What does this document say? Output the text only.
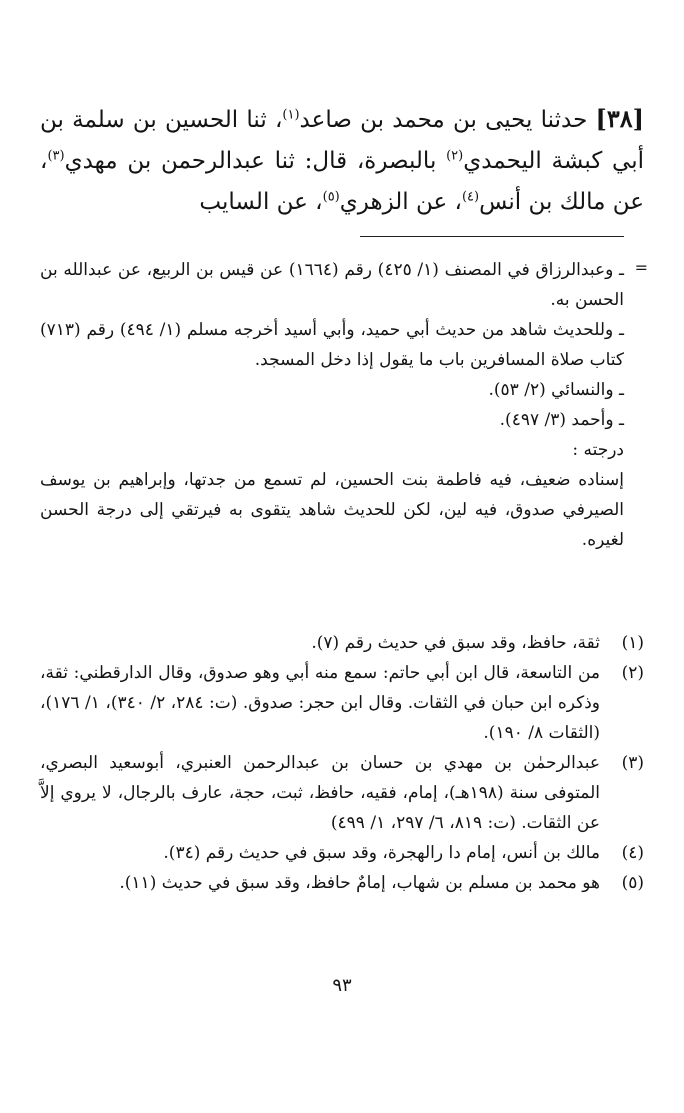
[٣٨] حدثنا يحيى بن محمد بن صاعد$^{(١)}$، ثنا الحسين بن سلمة بن أبي كبشة اليحمدي$^{(٢)}$ بالبصرة، قال: ثنا عبدالرحمن بن مهدي$^{(٣)}$، عن مالك بن أنس$^{(٤)}$، عن الزهري$^{(٥)}$، عن السايب
=

ـ وعبدالرزاق في المصنف (١/ ٤٢٥) رقم (١٦٦٤) عن قيس بن الربيع، عن عبدالله بن الحسن به.

ـ وللحديث شاهد من حديث أبي حميد، وأبي أسيد أخرجه مسلم (١/ ٤٩٤) رقم (٧١٣) كتاب صلاة المسافرين باب ما يقول إذا دخل المسجد.

ـ والنسائي (٢/ ٥٣).

ـ وأحمد (٣/ ٤٩٧).

درجته :

إسناده ضعيف، فيه فاطمة بنت الحسين، لم تسمع من جدتها، وإبراهيم بن يوسف الصيرفي صدوق، فيه لين، لكن للحديث شاهد يتقوى به فيرتقي إلى درجة الحسن لغيره.

(١)
ثقة، حافظ، وقد سبق في حديث رقم (٧).
(٢)
من التاسعة، قال ابن أبي حاتم: سمع منه أبي وهو صدوق، وقال الدارقطني: ثقة، وذكره ابن حبان في الثقات. وقال ابن حجر: صدوق. (ت: ٢٨٤، ٢/ ٣٤٠)، ١/ ١٧٦)، (الثقات ٨/ ١٩٠).
(٣)
عبدالرحمٰن بن مهدي بن حسان بن عبدالرحمن العنبري، أبوسعيد البصري، المتوفى سنة (١٩٨هـ)، إمام، فقيه، حافظ، ثبت، حجة، عارف بالرجال، لا يروي إلاَّ عن الثقات. (ت: ٨١٩، ٦/ ٢٩٧، ١/ ٤٩٩)
(٤)
مالك بن أنس، إمام دا رالهجرة، وقد سبق في حديث رقم (٣٤).
(٥)
هو محمد بن مسلم بن شهاب، إمامٌ حافظ، وقد سبق في حديث (١١).
٩٣
